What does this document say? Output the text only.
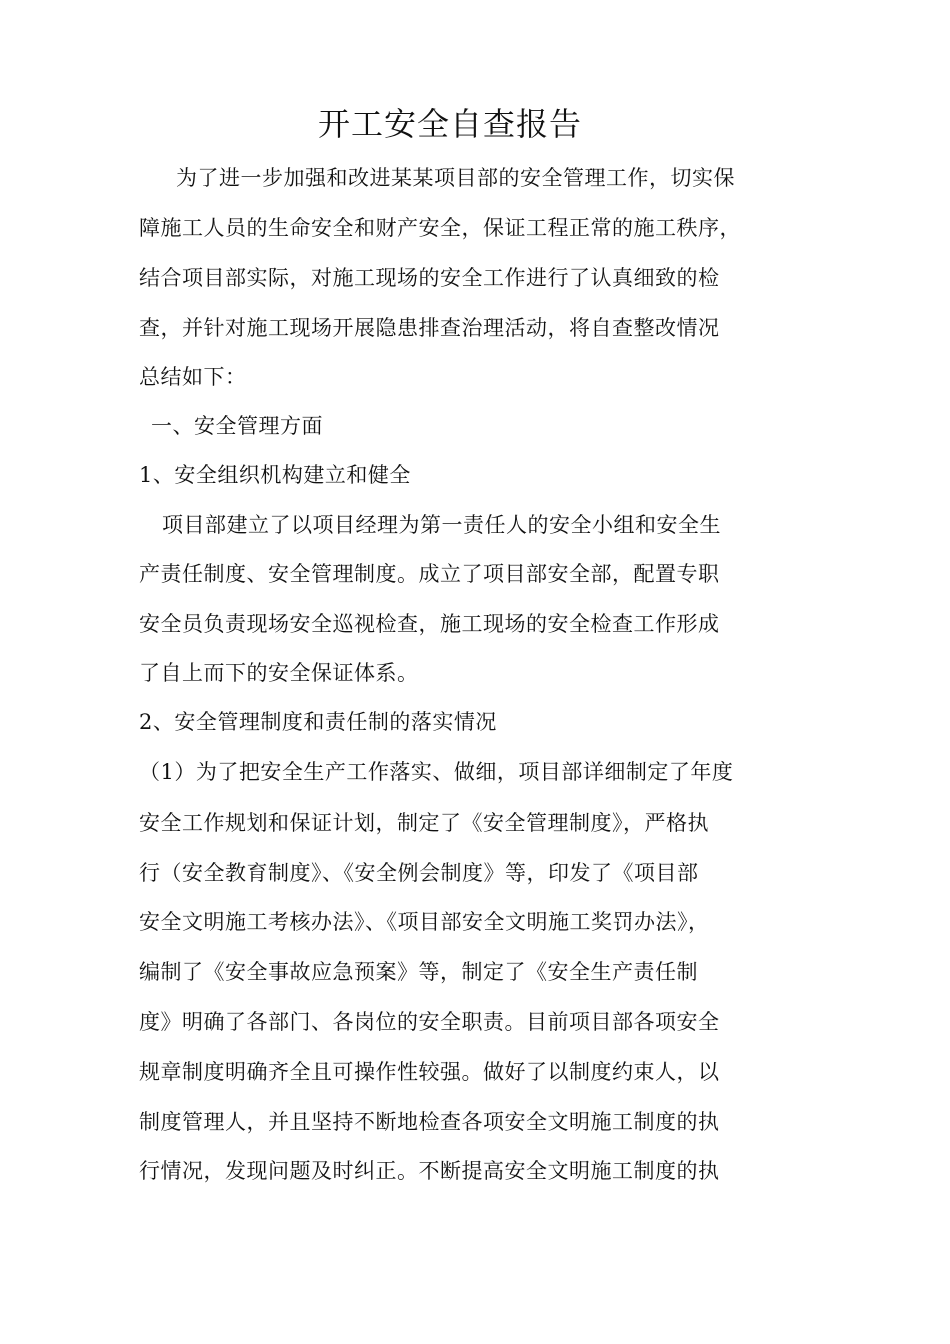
开工安全自查报告
为了进一步加强和改进某某项目部的安全管理工作，切实保
障施工人员的生命安全和财产安全，保证工程正常的施工秩序，
结合项目部实际，对施工现场的安全工作进行了认真细致的检
查，并针对施工现场开展隐患排查治理活动，将自查整改情况
总结如下：
一、安全管理方面
1、安全组织机构建立和健全
项目部建立了以项目经理为第一责任人的安全小组和安全生
产责任制度、安全管理制度。成立了项目部安全部，配置专职
安全员负责现场安全巡视检查，施工现场的安全检查工作形成
了自上而下的安全保证体系。
2、安全管理制度和责任制的落实情况
（1）为了把安全生产工作落实、做细，项目部详细制定了年度
安全工作规划和保证计划，制定了《安全管理制度》，严格执
行（安全教育制度》、《安全例会制度》等，印发了《项目部
安全文明施工考核办法》、《项目部安全文明施工奖罚办法》，
编制了《安全事故应急预案》等，制定了《安全生产责任制
度》明确了各部门、各岗位的安全职责。目前项目部各项安全
规章制度明确齐全且可操作性较强。做好了以制度约束人，以
制度管理人，并且坚持不断地检查各项安全文明施工制度的执
行情况，发现问题及时纠正。不断提高安全文明施工制度的执
